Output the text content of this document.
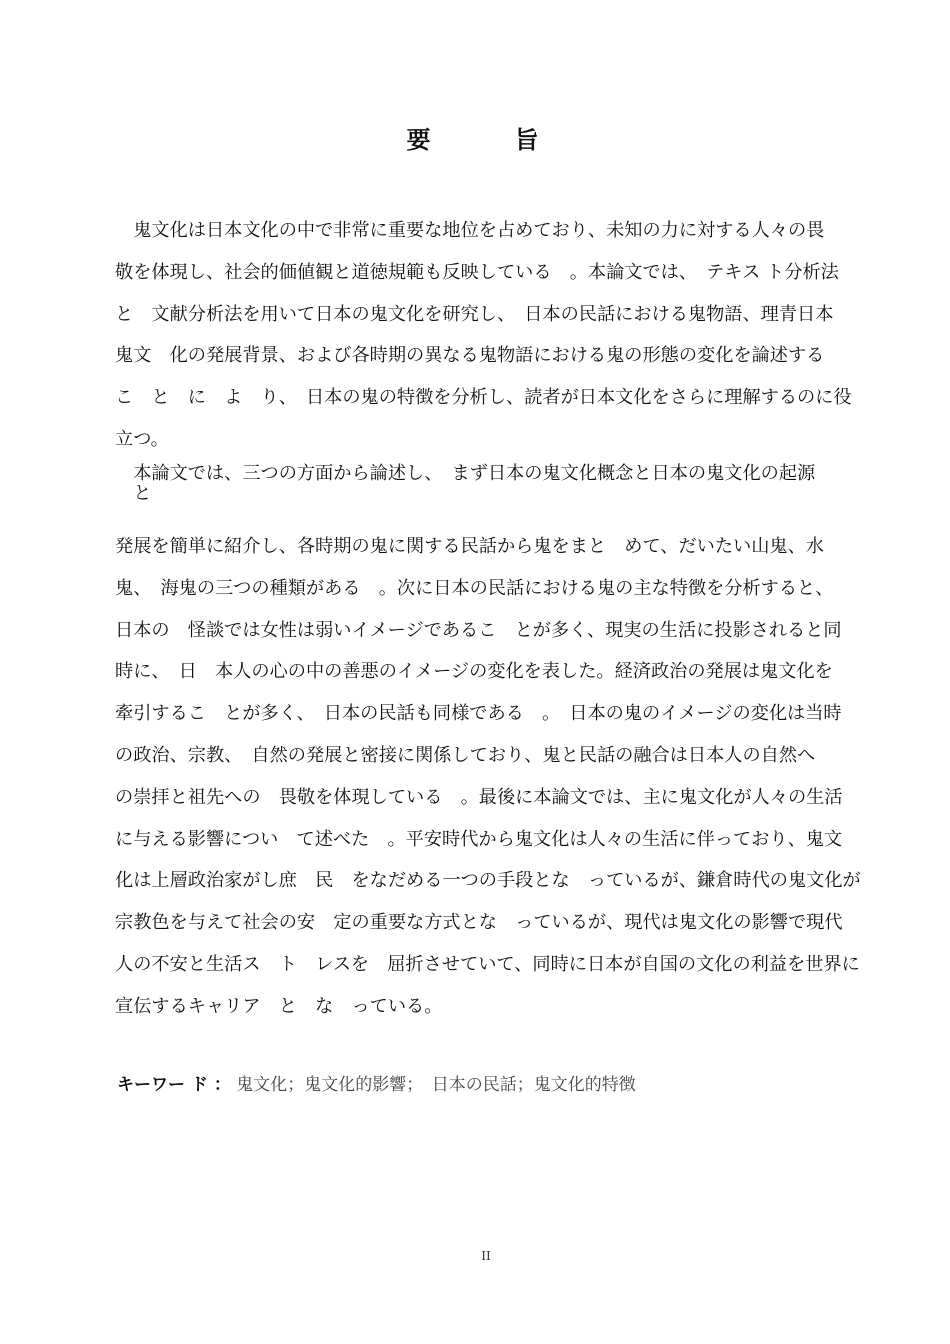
要　旨
　鬼文化は日本文化の中で非常に重要な地位を占めており、未知の力に対する人々の畏
敬を体現し、社会的価値観と道徳規範も反映している　。本論文では、　テキス ト分析法
と　文献分析法を用いて日本の鬼文化を研究し、　日本の民話における鬼物語、理青日本
鬼文　化の発展背景、および各時期の異なる鬼物語における鬼の形態の変化を論述する
こ　と　に　よ　り、　日本の鬼の特徴を分析し、読者が日本文化をさらに理解するのに役
立つ。
　本論文では、三つの方面から論述し、　まず日本の鬼文化概念と日本の鬼文化の起源
　と
発展を簡単に紹介し、各時期の鬼に関する民話から鬼をまと　めて、だいたい山鬼、水
鬼、　海鬼の三つの種類がある　。次に日本の民話における鬼の主な特徴を分析すると、
日本の　怪談では女性は弱いイメージであるこ　とが多く、現実の生活に投影されると同
時に、　日　本人の心の中の善悪のイメージの変化を表した。経済政治の発展は鬼文化を
牽引するこ　とが多く、　日本の民話も同様である　。　日本の鬼のイメージの変化は当時
の政治、宗教、　自然の発展と密接に関係しており、鬼と民話の融合は日本人の自然へ
の崇拝と祖先への　畏敬を体現している　。最後に本論文では、主に鬼文化が人々の生活
に与える影響につい　て述べた　。平安時代から鬼文化は人々の生活に伴っており、鬼文
化は上層政治家がし庶　民　をなだめる一つの手段とな　っているが、鎌倉時代の鬼文化が
宗教色を与えて社会の安　定の重要な方式とな　っているが、現代は鬼文化の影響で現代
人の不安と生活ス　ト　レスを　屈折させていて、同時に日本が自国の文化の利益を世界に
宣伝するキャリア　と　な　っている。
キーワー ド ： 鬼文化；鬼文化的影響；　日本の民話；鬼文化的特徴
II
